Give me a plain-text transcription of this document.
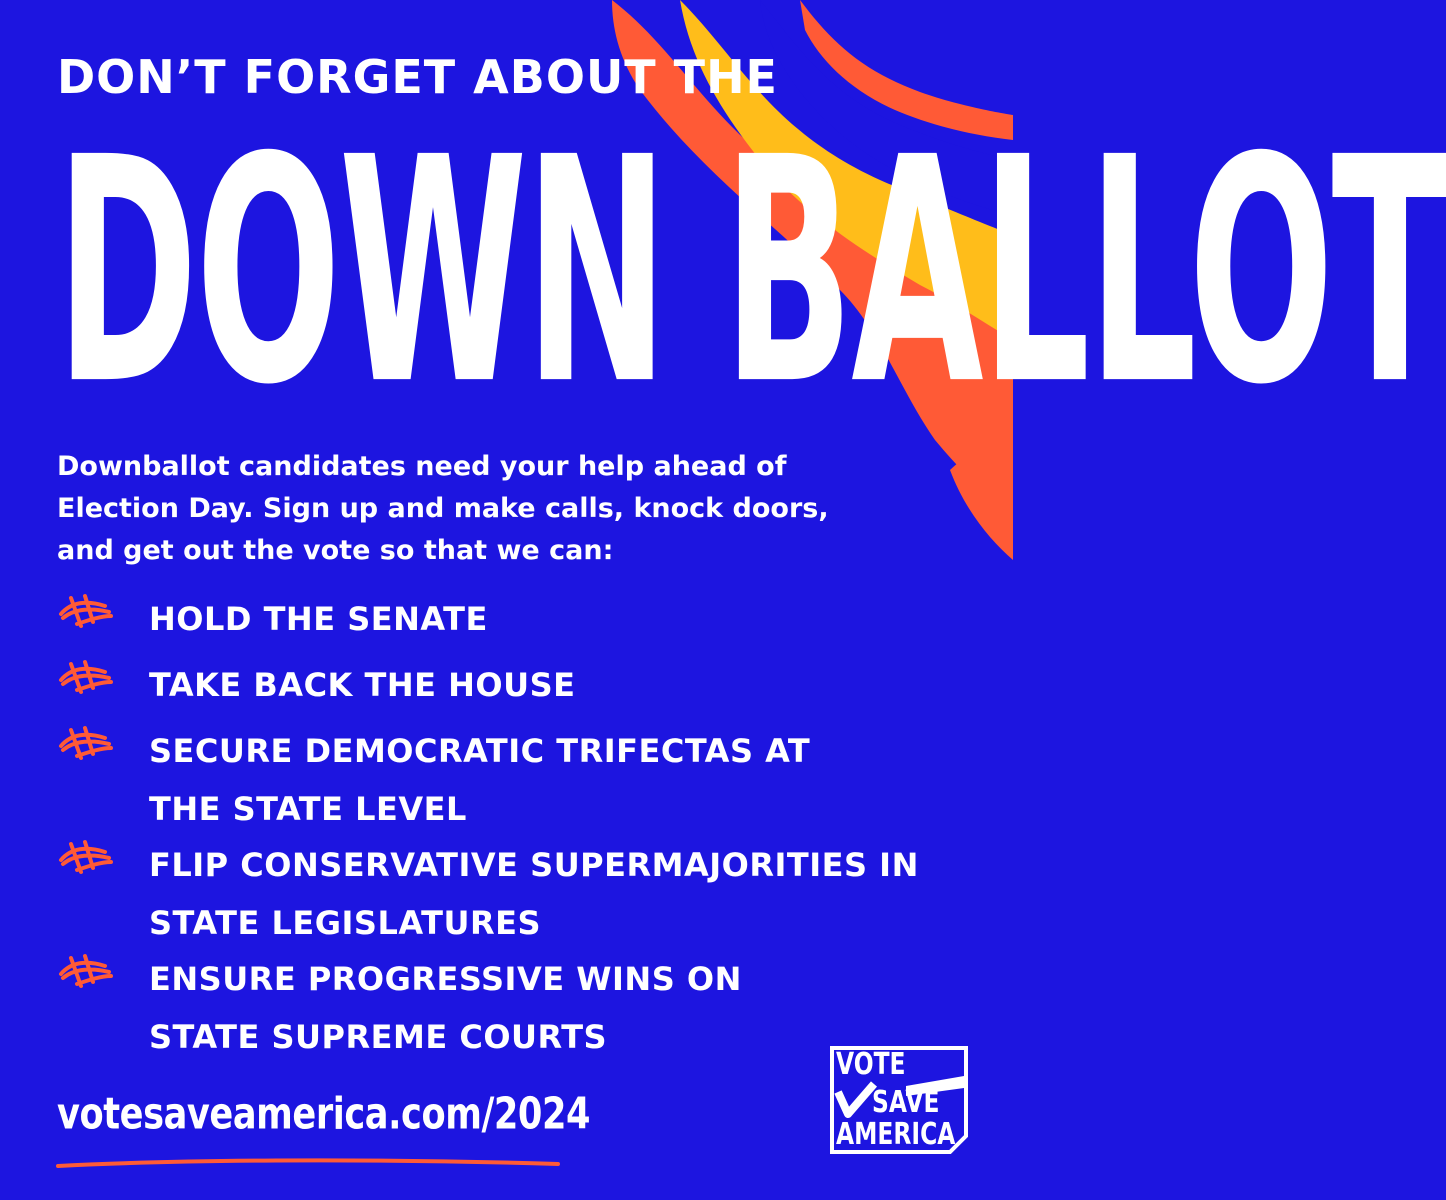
DON’T FORGET ABOUT THE
DOWN BALLOT

Downballot candidates need your help ahead of Election Day. Sign up and make calls, knock doors, and get out the vote so that we can:

HOLD THE SENATE
TAKE BACK THE HOUSE
SECURE DEMOCRATIC TRIFECTAS AT THE STATE LEVEL
FLIP CONSERVATIVE SUPERMAJORITIES IN STATE LEGISLATURES
ENSURE PROGRESSIVE WINS ON STATE SUPREME COURTS
votesaveamerica.com/2024
VOTE
SAVE
AMERICA
